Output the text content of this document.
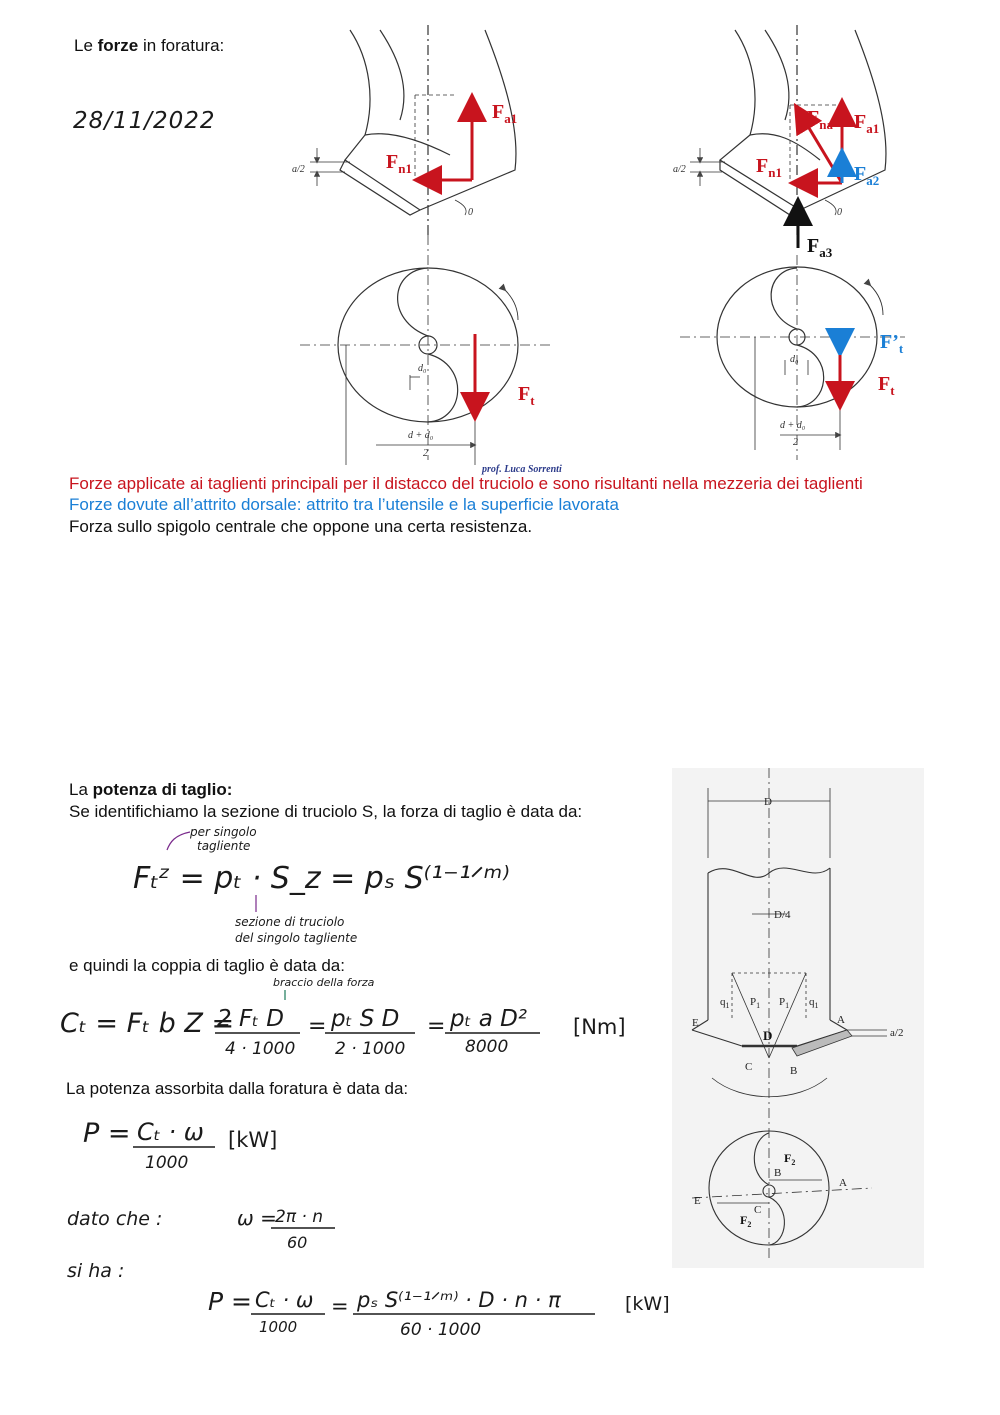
Le forze in foratura:
28/11/2022
a/2
0
$F_{a1}$
$F_{n1}$
d₀
d + d₀
2
$F_t$
a/2
0
$F_{na}$ $F_{a1}$
$F_{n1}$	$F_{a2}$
$F_{a3}$
d₀
d + d₀
2
$F’_t$
$F_t$
prof. Luca Sorrenti
Forze applicate ai taglienti principali per il distacco del truciolo e sono risultanti nella mezzeria dei taglienti
Forze dovute all’attrito dorsale: attrito tra l’utensile e la superficie lavorata
Forza sullo spigolo centrale che oppone una certa resistenza.
La potenza di taglio:
Se identifichiamo la sezione di truciolo S, la forza di taglio è data da:
per singolo
tagliente
Fₜᶻ = pₜ · S_z = pₛ S⁽¹⁻¹ᐟᵐ⁾
sezione di truciolo
del singolo tagliente
braccio della forza
Cₜ = Fₜ b Z =
2 Fₜ D
4 · 1000
= pₜ S D
2 · 1000
= pₜ a D²
8000
[Nm]
P = Cₜ · ω
1000
[kW]
dato che :	ω =
2π · n
60
si ha :
P = Cₜ · ω
1000
= pₛ S⁽¹⁻¹ᐟᵐ⁾ · D · n · π
60 · 1000
[kW]
e quindi la coppia di taglio è data da:
La potenza assorbita dalla foratura è data da:
D
D/4
$q_1$ $P_1$ $P_1$ $q_1$
E	A
a/2
D
C	B
$F_2$
B
A
E
C
$F_2$
